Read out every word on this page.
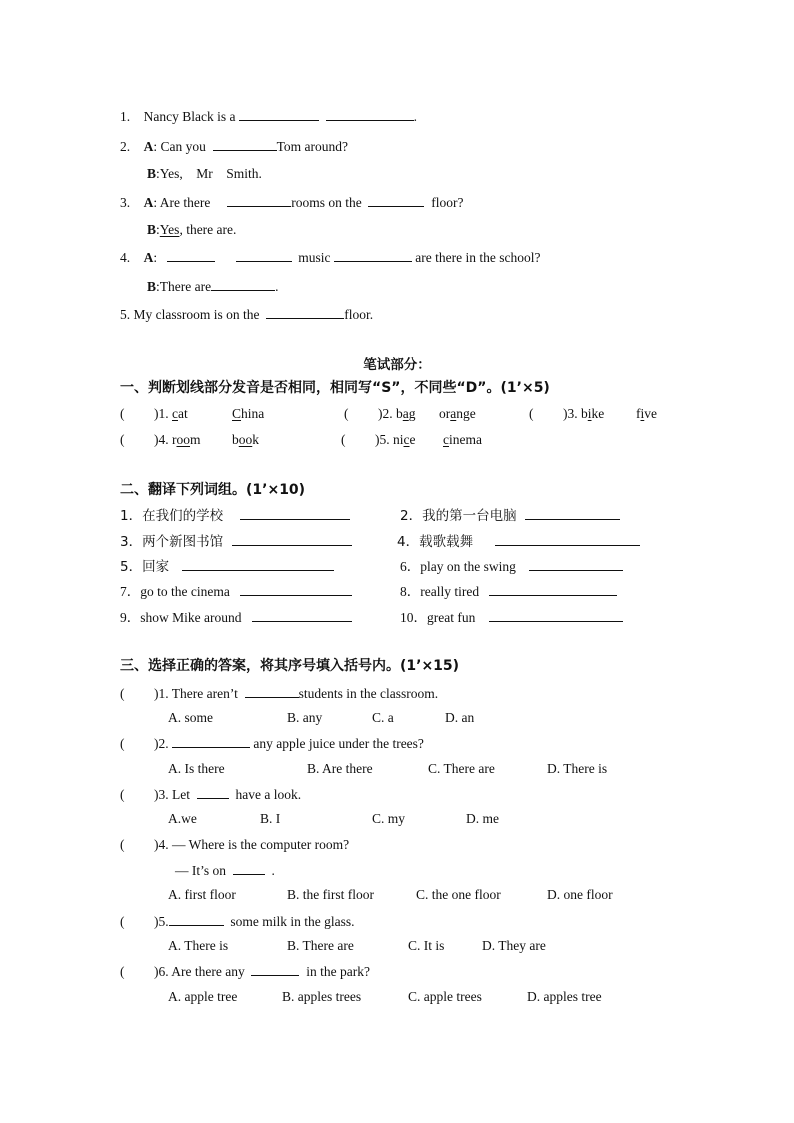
1. Nancy Black is a	.
2. A: Can you	Tom around?
B:Yes,    Mr    Smith.
3. A: Are there	rooms on the	floor?
B:Yes, there are.
4. A:	music	are there in the school?
B:There are	.
5. My classroom is on the	floor.
笔试部分：
一、判断划线部分发音是否相同，相同写“S”，不同些“D”。(1’×5)
( )1. cat	China	( )2. bag orange	( )3. bike five
( )4. room book	( )5. nice cinema
二、翻译下列词组。(1’×10)
1．在我们的学校	2．我的第一台电脑
3．两个新图书馆	4．载歌载舞
5．回家	6．play on the swing
7．go to the cinema	8．really tired
9．show Mike around	10．great fun
三、选择正确的答案，将其序号填入括号内。(1’×15)
( )1. There aren’t	students in the classroom.
A. some	B. any	C. a	D. an
( )2.	any apple juice under the trees?
A. Is there	B. Are there	C. There are	D. There is
( )3. Let	have a look.
A.we	B. I	C. my	D. me
( )4. — Where is the computer room?
— It’s on	.
A. first floor	B. the first floor	C. the one floor	D. one floor
( )5.	some milk in the glass.
A. There is	B. There are	C. It is	D. They are
( )6. Are there any	in the park?
A. apple tree	B. apples trees	C. apple trees	D. apples tree
